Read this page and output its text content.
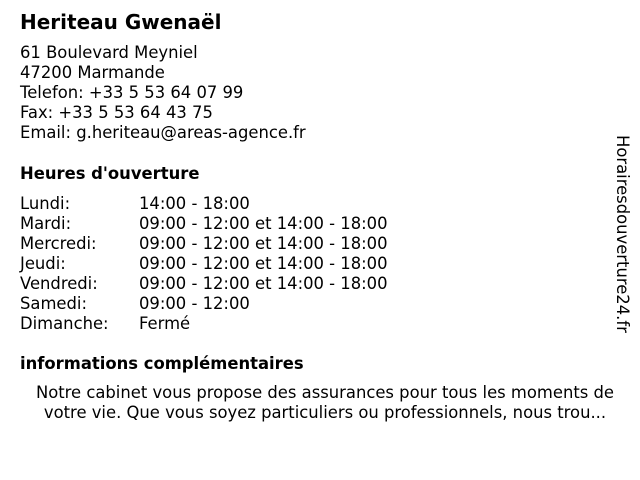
Heriteau Gwenaël
61 Boulevard Meyniel
47200 Marmande
Telefon: +33 5 53 64 07 99
Fax: +33 5 53 64 43 75
Email: g.heriteau@areas-agence.fr
Heures d'ouverture
Lundi:	14:00 - 18:00
Mardi:	09:00 - 12:00 et 14:00 - 18:00
Mercredi:	09:00 - 12:00 et 14:00 - 18:00
Jeudi:	09:00 - 12:00 et 14:00 - 18:00
Vendredi:	09:00 - 12:00 et 14:00 - 18:00
Samedi:	09:00 - 12:00
Dimanche: Fermé
informations complémentaires
Notre cabinet vous propose des assurances pour tous les moments de
votre vie. Que vous soyez particuliers ou professionnels, nous trou...
Horairesdouverture24.fr
